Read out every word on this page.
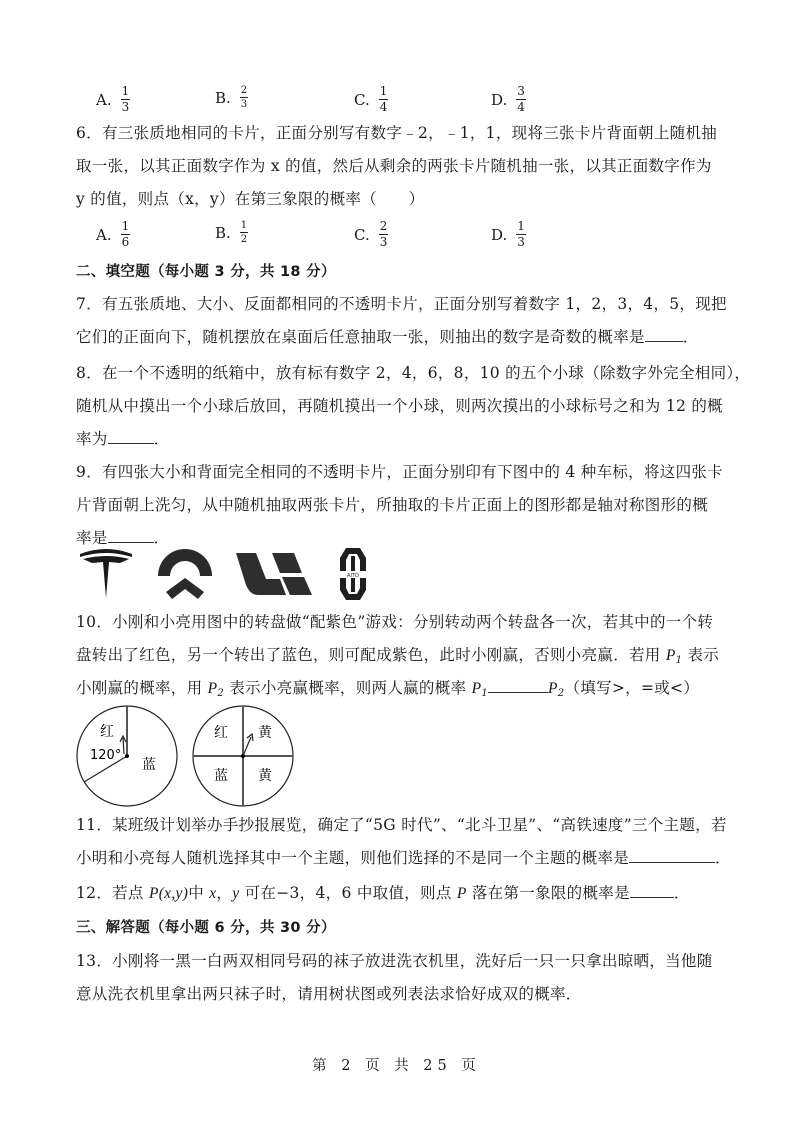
A. $\frac{1}{3}$	B. $\frac{2}{3}$	C. $\frac{1}{4}$	D. $\frac{3}{4}$
6．有三张质地相同的卡片，正面分别写有数字﹣2，﹣1，1，现将三张卡片背面朝上随机抽
取一张，以其正面数字作为 x 的值，然后从剩余的两张卡片随机抽一张，以其正面数字作为
y 的值，则点（x，y）在第三象限的概率（　　）
A. $\frac{1}{6}$	B. $\frac{1}{2}$	C. $\frac{2}{3}$	D. $\frac{1}{3}$
二、填空题（每小题 3 分，共 18 分）
7．有五张质地、大小、反面都相同的不透明卡片，正面分别写着数字 1，2，3，4，5，现把
它们的正面向下，随机摆放在桌面后任意抽取一张，则抽出的数字是奇数的概率是 ．
8．在一个不透明的纸箱中，放有标有数字 2，4，6，8，10 的五个小球（除数字外完全相同），
随机从中摸出一个小球后放回，再随机摸出一个小球，则两次摸出的小球标号之和为 12 的概
率为	．
9．有四张大小和背面完全相同的不透明卡片，正面分别印有下图中的 4 种车标，将这四张卡
片背面朝上洗匀，从中随机抽取两张卡片，所抽取的卡片正面上的图形都是轴对称图形的概
率是	．
AITO
10．小刚和小亮用图中的转盘做“配紫色”游戏：分别转动两个转盘各一次，若其中的一个转
盘转出了红色，另一个转出了蓝色，则可配成紫色，此时小刚赢，否则小亮赢．若用 $P_1$ 表示
小刚赢的概率，用 $P_2$ 表示小亮赢概率，则两人赢的概率 $P_1$	$P_2$（填写>，=或<）
红
120°
蓝
红 黄
蓝 黄
11．某班级计划举办手抄报展览，确定了“5G 时代”、“北斗卫星”、“高铁速度”三个主题，若
小明和小亮每人随机选择其中一个主题，则他们选择的不是同一个主题的概率是	．
12．若点 P(x,y)中 x，y 可在−3，4，6 中取值，则点 P 落在第一象限的概率是	．
三、解答题（每小题 6 分，共 30 分）
13．小刚将一黑一白两双相同号码的袜子放进洗衣机里，洗好后一只一只拿出晾晒，当他随
意从洗衣机里拿出两只袜子时，请用树状图或列表法求恰好成双的概率．
第 2 页 共 25 页
